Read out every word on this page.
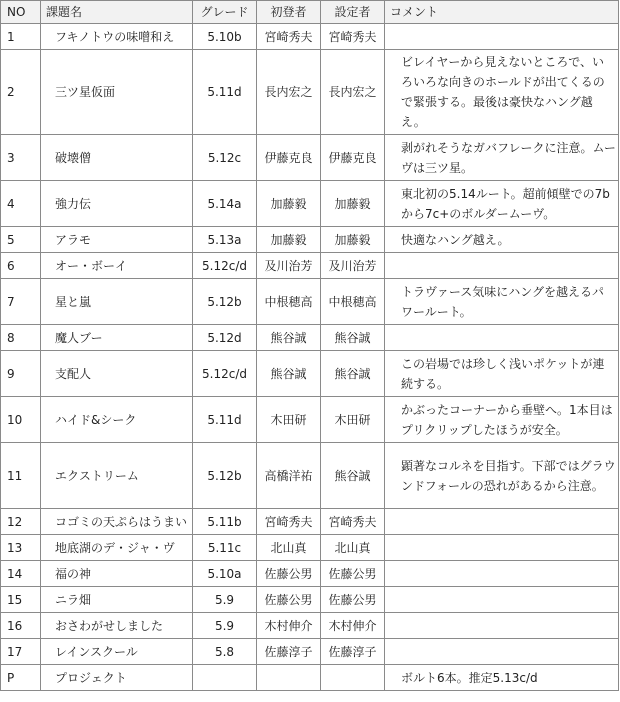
NO	課題名	グレード	初登者	設定者	コメント
1	フキノトウの味噌和え	5.10b	宮崎秀夫	宮崎秀夫	
2	三ツ星仮面	5.11d	長内宏之	長内宏之	ビレイヤーから見えないところで、いろいろな向きのホールドが出てくるので緊張する。最後は豪快なハング越え。
3	破壊僧	5.12c	伊藤克良	伊藤克良	剥がれそうなガバフレークに注意。ムーヴは三ツ星。
4	強力伝	5.14a	加藤毅	加藤毅	東北初の5.14ルート。超前傾壁での7bから7c+のボルダームーヴ。
5	アラモ	5.13a	加藤毅	加藤毅	快適なハング越え。
6	オー・ボーイ	5.12c/d	及川治芳	及川治芳	
7	星と嵐	5.12b	中根穂高	中根穂高	トラヴァース気味にハングを越えるパワールート。
8	魔人ブー	5.12d	熊谷誠	熊谷誠	
9	支配人	5.12c/d	熊谷誠	熊谷誠	この岩場では珍しく浅いポケットが連続する。
10	ハイド&シーク	5.11d	木田研	木田研	かぶったコーナーから垂壁へ。1本目はプリクリップしたほうが安全。
11	エクストリーム	5.12b	高橋洋祐	熊谷誠	顕著なコルネを目指す。下部ではグラウンドフォールの恐れがあるから注意。
12	コゴミの天ぷらはうまい	5.11b	宮崎秀夫	宮崎秀夫	
13	地底湖のデ・ジャ・ヴ	5.11c	北山真	北山真	
14	福の神	5.10a	佐藤公男	佐藤公男	
15	ニラ畑	5.9	佐藤公男	佐藤公男	
16	おさわがせしました	5.9	木村伸介	木村伸介	
17	レインスクール	5.8	佐藤淳子	佐藤淳子	
P	プロジェクト				ボルト6本。推定5.13c/d
